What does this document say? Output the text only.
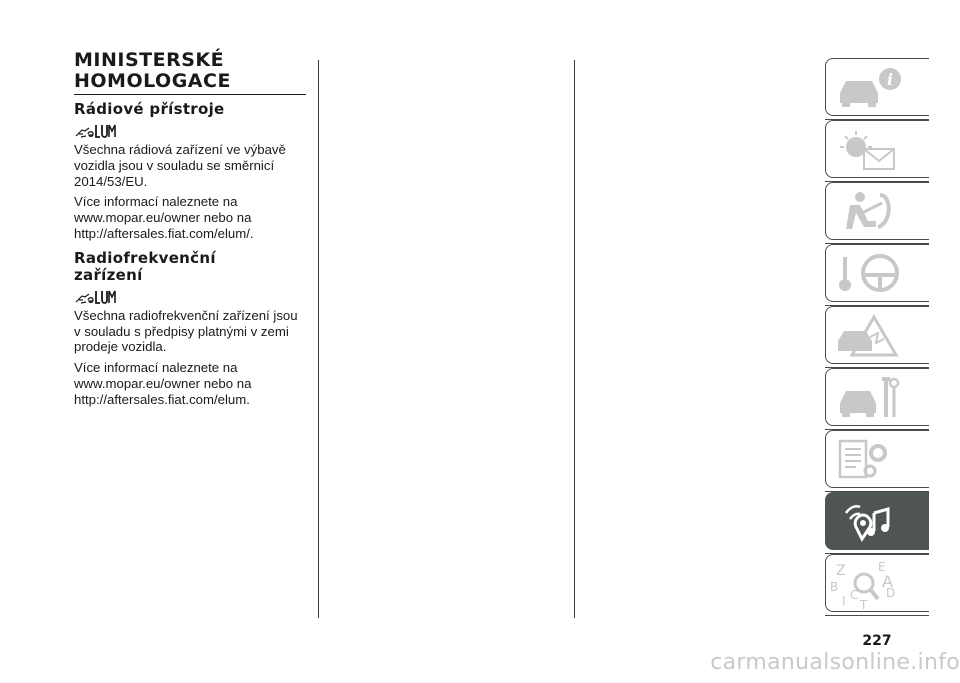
MINISTERSKÉ
HOMOLOGACE
Rádiové přístroje

Všechna rádiová zařízení ve výbavě vozidla jsou v souladu se směrnicí 2014/53/EU.

Více informací naleznete na www.mopar.eu/owner nebo na http://aftersales.fiat.com/elum/.

Radiofrekvenční
zařízení

Všechna radiofrekvenční zařízení jsou v souladu s předpisy platnými v zemi prodeje vozidla.

Více informací naleznete na www.mopar.eu/owner nebo na http://aftersales.fiat.com/elum.

i
Z	E
A
B
C D
I T
227
carmanualsonline.info
